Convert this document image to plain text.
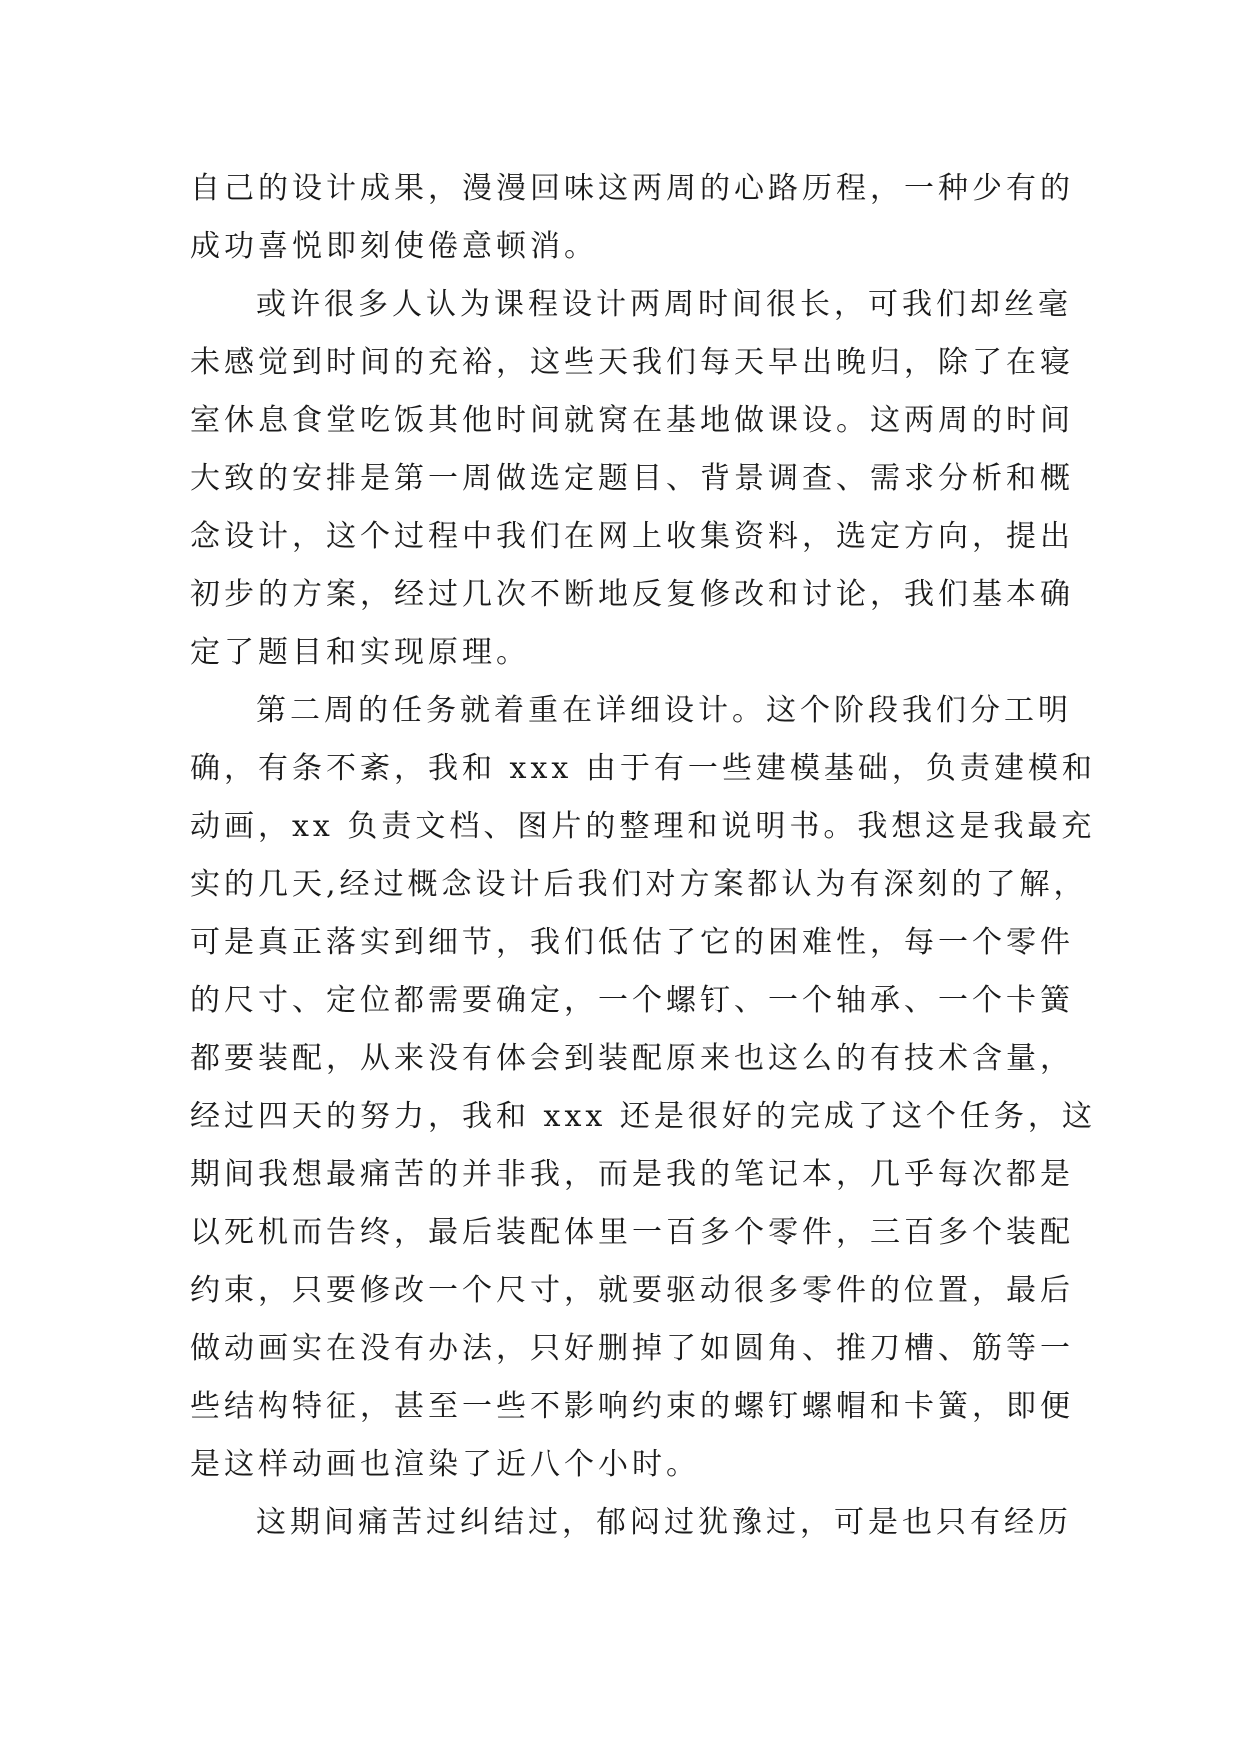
自己的设计成果，漫漫回味这两周的心路历程，一种少有的
成功喜悦即刻使倦意顿消。
或许很多人认为课程设计两周时间很长，可我们却丝毫
未感觉到时间的充裕，这些天我们每天早出晚归，除了在寝
室休息食堂吃饭其他时间就窝在基地做课设。这两周的时间
大致的安排是第一周做选定题目、背景调查、需求分析和概
念设计，这个过程中我们在网上收集资料，选定方向，提出
初步的方案，经过几次不断地反复修改和讨论，我们基本确
定了题目和实现原理。
第二周的任务就着重在详细设计。这个阶段我们分工明
确，有条不紊，我和 xxx 由于有一些建模基础，负责建模和
动画，xx 负责文档、图片的整理和说明书。我想这是我最充
实的几天,经过概念设计后我们对方案都认为有深刻的了解，
可是真正落实到细节，我们低估了它的困难性，每一个零件
的尺寸、定位都需要确定，一个螺钉、一个轴承、一个卡簧
都要装配，从来没有体会到装配原来也这么的有技术含量，
经过四天的努力，我和 xxx 还是很好的完成了这个任务，这
期间我想最痛苦的并非我，而是我的笔记本，几乎每次都是
以死机而告终，最后装配体里一百多个零件，三百多个装配
约束，只要修改一个尺寸，就要驱动很多零件的位置，最后
做动画实在没有办法，只好删掉了如圆角、推刀槽、筋等一
些结构特征，甚至一些不影响约束的螺钉螺帽和卡簧，即便
是这样动画也渲染了近八个小时。
这期间痛苦过纠结过，郁闷过犹豫过，可是也只有经历
